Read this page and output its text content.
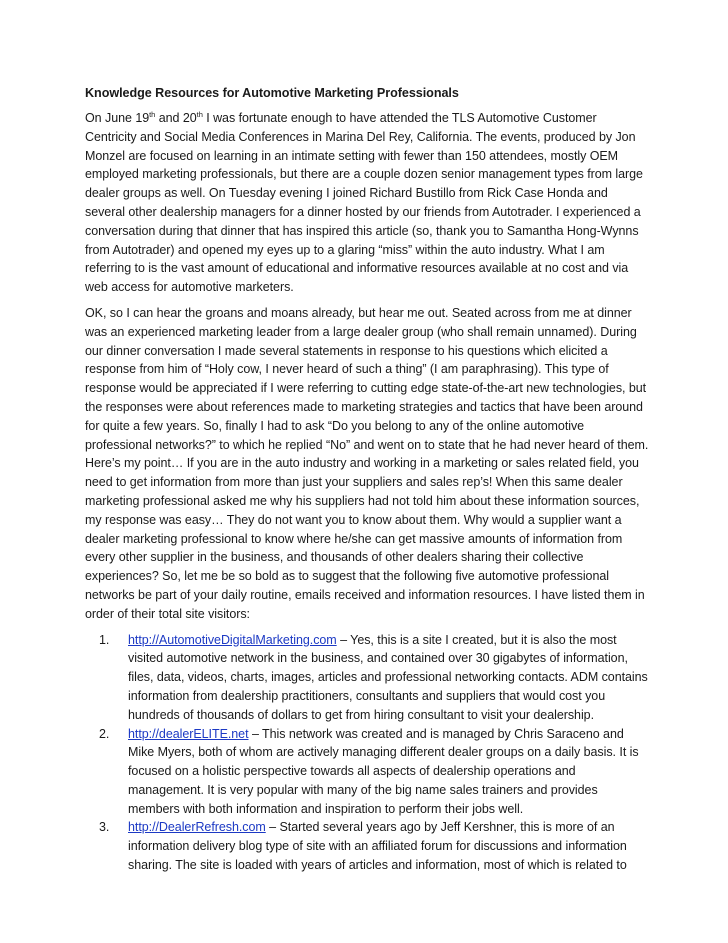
Knowledge Resources for Automotive Marketing Professionals

On June 19th and 20th I was fortunate enough to have attended the TLS Automotive Customer Centricity and Social Media Conferences in Marina Del Rey, California. The events, produced by Jon Monzel are focused on learning in an intimate setting with fewer than 150 attendees, mostly OEM employed marketing professionals, but there are a couple dozen senior management types from large dealer groups as well. On Tuesday evening I joined Richard Bustillo from Rick Case Honda and several other dealership managers for a dinner hosted by our friends from Autotrader. I experienced a conversation during that dinner that has inspired this article (so, thank you to Samantha Hong-Wynns from Autotrader) and opened my eyes up to a glaring “miss” within the auto industry. What I am referring to is the vast amount of educational and informative resources available at no cost and via web access for automotive marketers.

OK, so I can hear the groans and moans already, but hear me out. Seated across from me at dinner was an experienced marketing leader from a large dealer group (who shall remain unnamed). During our dinner conversation I made several statements in response to his questions which elicited a response from him of “Holy cow, I never heard of such a thing” (I am paraphrasing). This type of response would be appreciated if I were referring to cutting edge state-of-the-art new technologies, but the responses were about references made to marketing strategies and tactics that have been around for quite a few years. So, finally I had to ask “Do you belong to any of the online automotive professional networks?” to which he replied “No” and went on to state that he had never heard of them. Here’s my point… If you are in the auto industry and working in a marketing or sales related field, you need to get information from more than just your suppliers and sales rep’s! When this same dealer marketing professional asked me why his suppliers had not told him about these information sources, my response was easy… They do not want you to know about them. Why would a supplier want a dealer marketing professional to know where he/she can get massive amounts of information from every other supplier in the business, and thousands of other dealers sharing their collective experiences? So, let me be so bold as to suggest that the following five automotive professional networks be part of your daily routine, emails received and information resources. I have listed them in order of their total site visitors:

1. http://AutomotiveDigitalMarketing.com – Yes, this is a site I created, but it is also the most visited automotive network in the business, and contained over 30 gigabytes of information, files, data, videos, charts, images, articles and professional networking contacts. ADM contains information from dealership practitioners, consultants and suppliers that would cost you hundreds of thousands of dollars to get from hiring consultant to visit your dealership.
2. http://dealerELITE.net – This network was created and is managed by Chris Saraceno and Mike Myers, both of whom are actively managing different dealer groups on a daily basis. It is focused on a holistic perspective towards all aspects of dealership operations and management. It is very popular with many of the big name sales trainers and provides members with both information and inspiration to perform their jobs well.
3. http://DealerRefresh.com – Started several years ago by Jeff Kershner, this is more of an information delivery blog type of site with an affiliated forum for discussions and information sharing. The site is loaded with years of articles and information, most of which is related to
